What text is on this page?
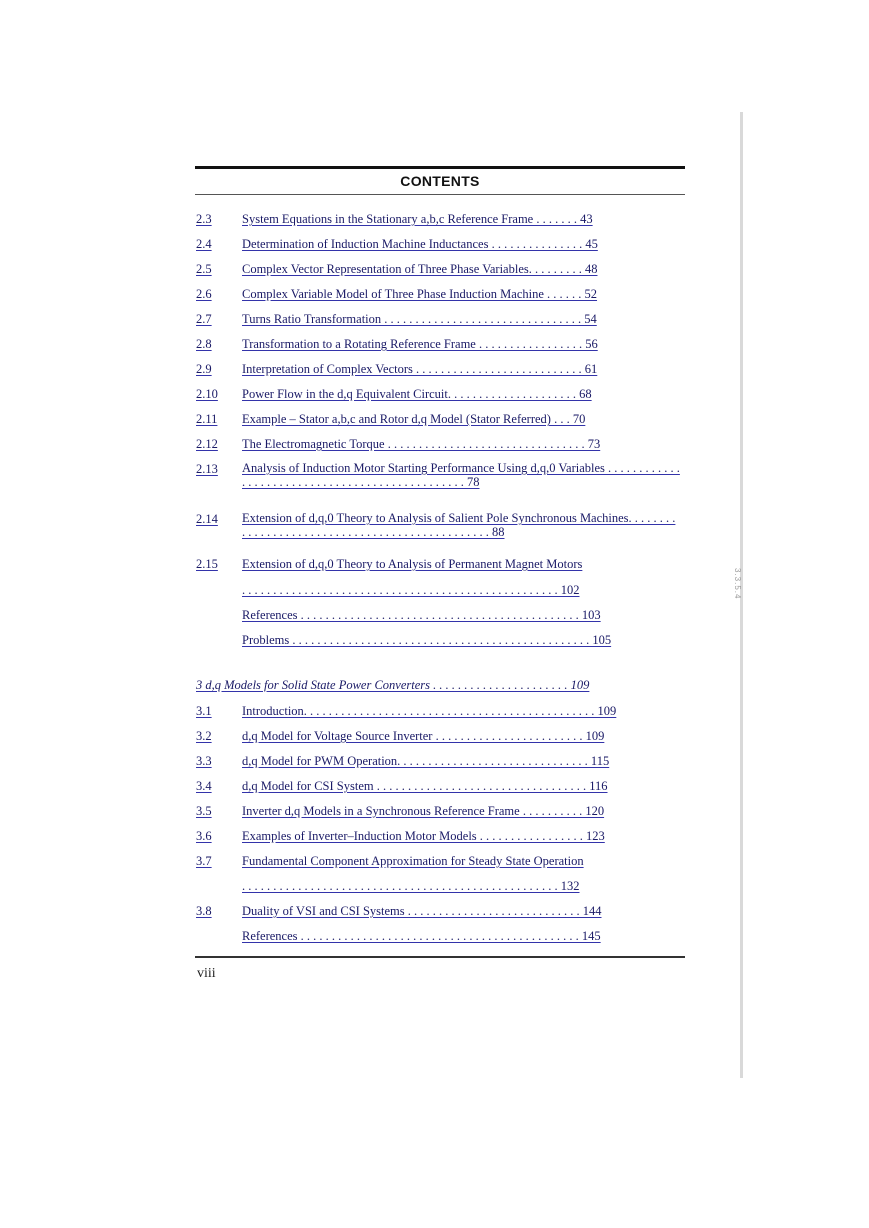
3.3.5.4
CONTENTS
2.3	System Equations in the Stationary a,b,c Reference Frame . . . . . . . 43
2.4	Determination of Induction Machine Inductances . . . . . . . . . . . . . . . 45
2.5	Complex Vector Representation of Three Phase Variables. . . . . . . . . 48
2.6	Complex Variable Model of Three Phase Induction Machine . . . . . . 52
2.7	Turns Ratio Transformation . . . . . . . . . . . . . . . . . . . . . . . . . . . . . . . . 54
2.8	Transformation to a Rotating Reference Frame . . . . . . . . . . . . . . . . . 56
2.9	Interpretation of Complex Vectors . . . . . . . . . . . . . . . . . . . . . . . . . . . 61
2.10	Power Flow in the d,q Equivalent Circuit. . . . . . . . . . . . . . . . . . . . . 68
2.11	Example – Stator a,b,c and Rotor d,q Model (Stator Referred) . . . 70
2.12	The Electromagnetic Torque . . . . . . . . . . . . . . . . . . . . . . . . . . . . . . . . 73
2.13	Analysis of Induction Motor Starting Performance Using d,q,0 Variables . . . . . . . . . . . . . . . . . . . . . . . . . . . . . . . . . . . . . . . . . . . . . . . . 78
2.14	Extension of d,q,0 Theory to Analysis of Salient Pole Synchronous Machines. . . . . . . . . . . . . . . . . . . . . . . . . . . . . . . . . . . . . . . . . . . . . . . . 88
2.15	Extension of d,q,0 Theory to Analysis of Permanent Magnet Motors
. . . . . . . . . . . . . . . . . . . . . . . . . . . . . . . . . . . . . . . . . . . . . . . . . . . 102
References . . . . . . . . . . . . . . . . . . . . . . . . . . . . . . . . . . . . . . . . . . . . . 103
Problems . . . . . . . . . . . . . . . . . . . . . . . . . . . . . . . . . . . . . . . . . . . . . . . . 105
3 d,q Models for Solid State Power Converters . . . . . . . . . . . . . . . . . . . . . . 109
3.1	Introduction. . . . . . . . . . . . . . . . . . . . . . . . . . . . . . . . . . . . . . . . . . . . . . . 109
3.2	d,q Model for Voltage Source Inverter . . . . . . . . . . . . . . . . . . . . . . . . 109
3.3	d,q Model for PWM Operation. . . . . . . . . . . . . . . . . . . . . . . . . . . . . . . 115
3.4	d,q Model for CSI System . . . . . . . . . . . . . . . . . . . . . . . . . . . . . . . . . . 116
3.5	Inverter d,q Models in a Synchronous Reference Frame . . . . . . . . . . 120
3.6	Examples of Inverter–Induction Motor Models . . . . . . . . . . . . . . . . . 123
3.7	Fundamental Component Approximation for Steady State Operation
. . . . . . . . . . . . . . . . . . . . . . . . . . . . . . . . . . . . . . . . . . . . . . . . . . . 132
3.8	Duality of VSI and CSI Systems . . . . . . . . . . . . . . . . . . . . . . . . . . . . 144
References . . . . . . . . . . . . . . . . . . . . . . . . . . . . . . . . . . . . . . . . . . . . . 145
viii
